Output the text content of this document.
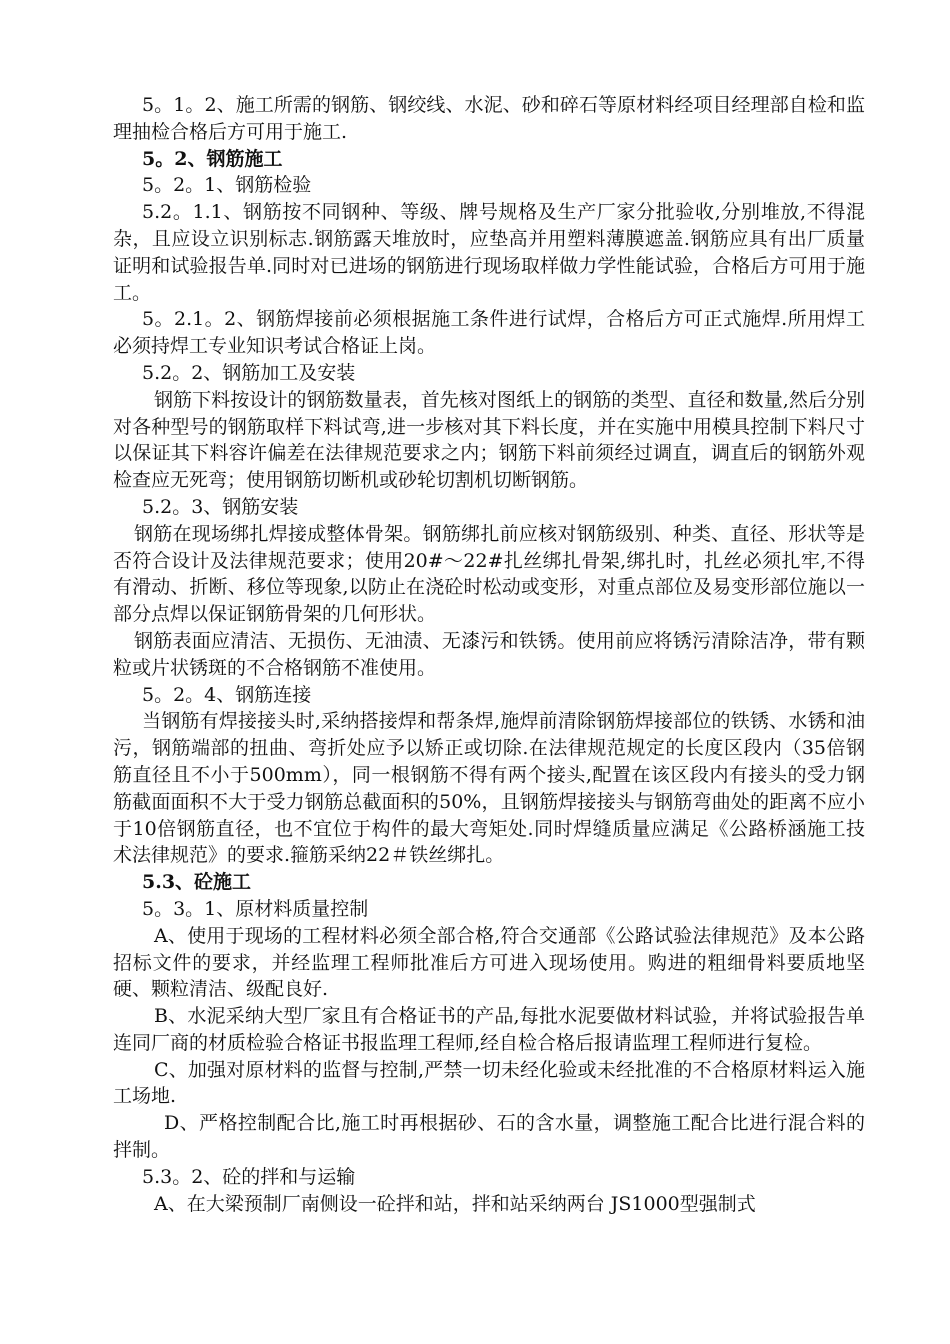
5。1。2、施工所需的钢筋、钢绞线、水泥、砂和碎石等原材料经项目经理部自检和监理抽检合格后方可用于施工.

5。2、钢筋施工

5。2。1、钢筋检验

5.2。1.1、钢筋按不同钢种、等级、牌号规格及生产厂家分批验收,分别堆放,不得混杂，且应设立识别标志.钢筋露天堆放时，应垫高并用塑料薄膜遮盖.钢筋应具有出厂质量证明和试验报告单.同时对已进场的钢筋进行现场取样做力学性能试验，合格后方可用于施工。

5。2.1。2、钢筋焊接前必须根据施工条件进行试焊，合格后方可正式施焊.所用焊工必须持焊工专业知识考试合格证上岗。

5.2。2、钢筋加工及安装

钢筋下料按设计的钢筋数量表，首先核对图纸上的钢筋的类型、直径和数量,然后分别对各种型号的钢筋取样下料试弯,进一步核对其下料长度，并在实施中用模具控制下料尺寸以保证其下料容许偏差在法律规范要求之内；钢筋下料前须经过调直，调直后的钢筋外观检查应无死弯；使用钢筋切断机或砂轮切割机切断钢筋。

5.2。3、钢筋安装

钢筋在现场绑扎焊接成整体骨架。钢筋绑扎前应核对钢筋级别、种类、直径、形状等是否符合设计及法律规范要求；使用20#～22#扎丝绑扎骨架,绑扎时，扎丝必须扎牢,不得有滑动、折断、移位等现象,以防止在浇砼时松动或变形，对重点部位及易变形部位施以一部分点焊以保证钢筋骨架的几何形状。

钢筋表面应清洁、无损伤、无油渍、无漆污和铁锈。使用前应将锈污清除洁净，带有颗粒或片状锈斑的不合格钢筋不准使用。

5。2。4、钢筋连接

当钢筋有焊接接头时,采纳搭接焊和帮条焊,施焊前清除钢筋焊接部位的铁锈、水锈和油污，钢筋端部的扭曲、弯折处应予以矫正或切除.在法律规范规定的长度区段内（35倍钢筋直径且不小于500mm），同一根钢筋不得有两个接头,配置在该区段内有接头的受力钢筋截面面积不大于受力钢筋总截面积的50%，且钢筋焊接接头与钢筋弯曲处的距离不应小于10倍钢筋直径，也不宜位于构件的最大弯矩处.同时焊缝质量应满足《公路桥涵施工技术法律规范》的要求.箍筋采纳22＃铁丝绑扎。

5.3、砼施工

5。3。1、原材料质量控制

A、使用于现场的工程材料必须全部合格,符合交通部《公路试验法律规范》及本公路招标文件的要求，并经监理工程师批准后方可进入现场使用。购进的粗细骨料要质地坚硬、颗粒清洁、级配良好.

B、水泥采纳大型厂家且有合格证书的产品,每批水泥要做材料试验，并将试验报告单连同厂商的材质检验合格证书报监理工程师,经自检合格后报请监理工程师进行复检。

C、加强对原材料的监督与控制,严禁一切未经化验或未经批准的不合格原材料运入施工场地.

D、严格控制配合比,施工时再根据砂、石的含水量，调整施工配合比进行混合料的拌制。

5.3。2、砼的拌和与运输

A、在大梁预制厂南侧设一砼拌和站，拌和站采纳两台 JS1000型强制式
